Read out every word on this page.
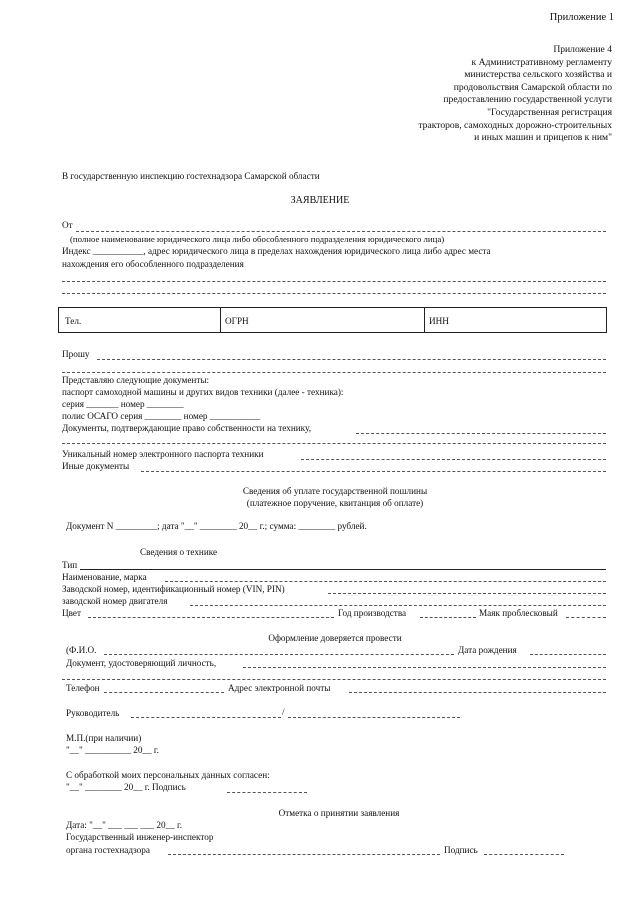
Приложение 1
Приложение 4
к Административному регламенту
министерства сельского хозяйства и
продовольствия Самарской области по
предоставлению государственной услуги
"Государственная регистрация
тракторов, самоходных дорожно-строительных
и иных машин и прицепов к ним"
В государственную инспекцию гостехнадзора Самарской области
ЗАЯВЛЕНИЕ
От
(полное наименование юридического лица либо обособленного подразделения юридического лица)
Индекс ___________, адрес юридического лица в пределах нахождения юридического лица либо адрес места
нахождения его обособленного подразделения
Тел.	ОГРН	ИНН
Прошу
Представляю следующие документы:
паспорт самоходной машины и других видов техники (далее - техника):
серия _______ номер ________
полис ОСАГО серия ________ номер ___________
Документы, подтверждающие право собственности на технику,
Уникальный номер электронного паспорта техники
Иные документы
Сведения об уплате государственной пошлины
(платежное поручение, квитанция об оплате)
Документ N _________; дата "__" ________ 20__ г.; сумма: ________ рублей.
Сведения о технике
Тип
Наименование, марка
Заводской номер, идентификационный номер (VIN, PIN)
заводской номер двигателя
Цвет	Год производства	Маяк проблесковый
Оформление доверяется провести
(Ф.И.О.	Дата рождения
Документ, удостоверяющий личность,
Телефон	Адрес электронной почты
Руководитель	/
М.П.(при наличии)
"__" __________ 20__ г.
С обработкой моих персональных данных согласен:
"__" ________ 20__ г. Подпись
Отметка о принятии заявления
Дата: "__" ___ ___ ___ 20__ г.
Государственный инженер-инспектор
органа гостехнадзора	Подпись
